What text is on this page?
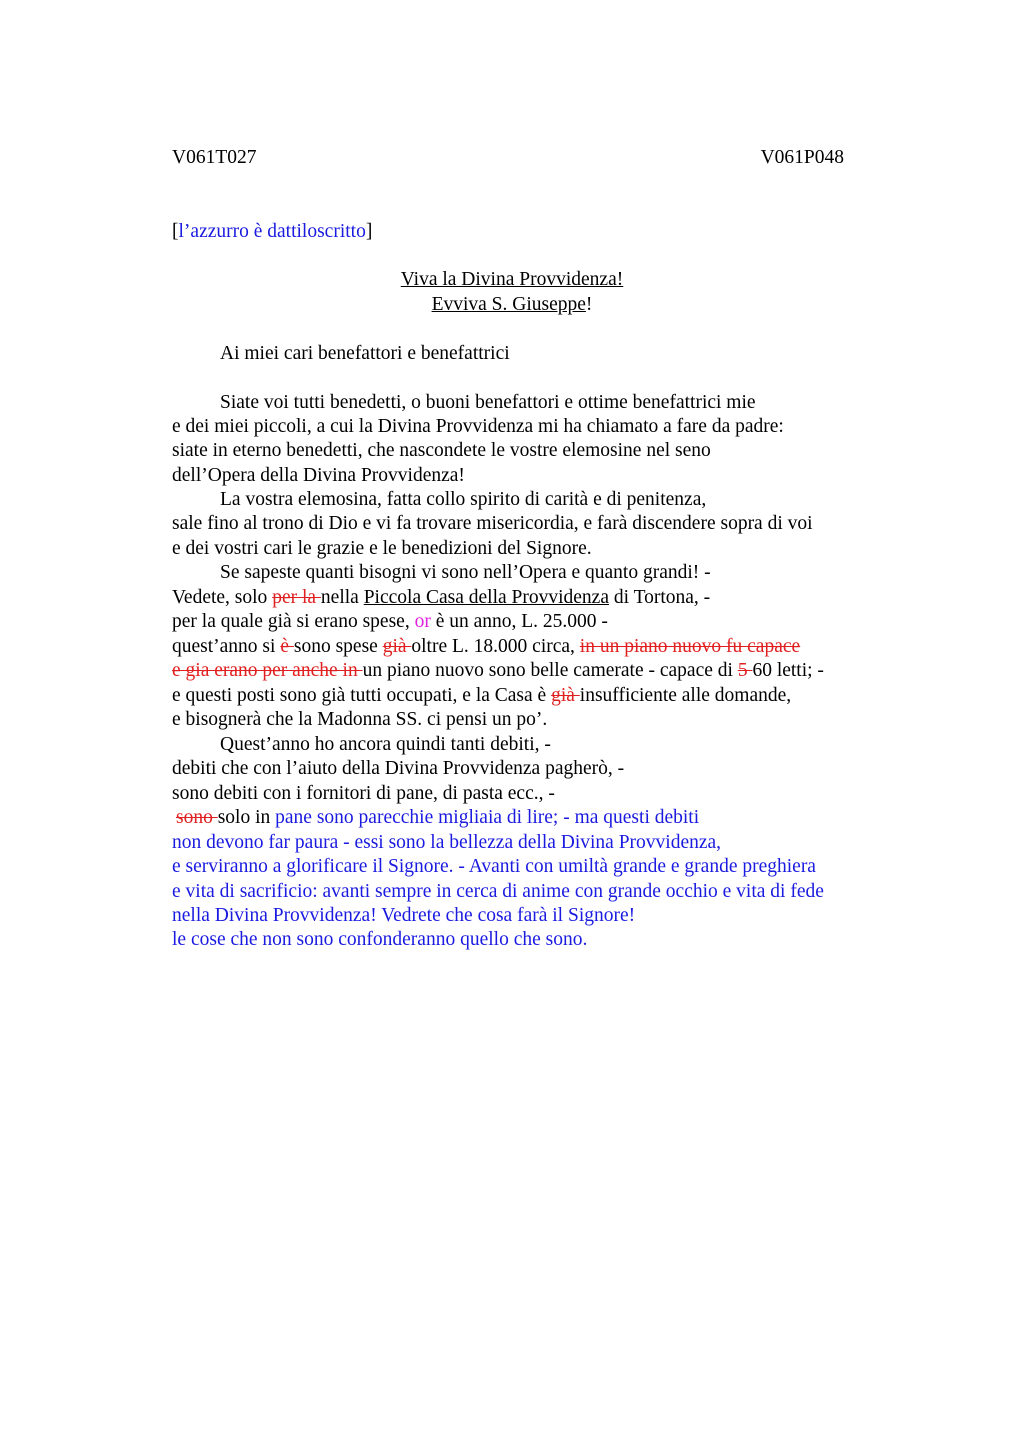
V061T027	V061P048
[l’azzurro è dattiloscritto]
Viva la Divina Provvidenza!
Evviva S. Giuseppe!
Ai miei cari benefattori e benefattrici
Siate voi tutti benedetti, o buoni benefattori e ottime benefattrici mie
e dei miei piccoli, a cui la Divina Provvidenza mi ha chiamato a fare da padre:
siate in eterno benedetti, che nascondete le vostre elemosine nel seno
dell’Opera della Divina Provvidenza!
La vostra elemosina, fatta collo spirito di carità e di penitenza,
sale fino al trono di Dio e vi fa trovare misericordia, e farà discendere sopra di voi
e dei vostri cari le grazie e le benedizioni del Signore.
Se sapeste quanti bisogni vi sono nell’Opera e quanto grandi! -
Vedete, solo per la nella Piccola Casa della Provvidenza di Tortona, -
per la quale già si erano spese, or è un anno, L. 25.000 -
quest’anno si è sono spese già oltre L. 18.000 circa, in un piano nuovo fu capace
e gia erano per anche in un piano nuovo sono belle camerate - capace di 5 60 letti; -
e questi posti sono già tutti occupati, e la Casa è già insufficiente alle domande,
e bisognerà che la Madonna SS. ci pensi un po’.
Quest’anno ho ancora quindi tanti debiti, -
debiti che con l’aiuto della Divina Provvidenza pagherò, -
sono debiti con i fornitori di pane, di pasta ecc., -
sono solo in pane sono parecchie migliaia di lire; - ma questi debiti
non devono far paura - essi sono la bellezza della Divina Provvidenza,
e serviranno a glorificare il Signore. - Avanti con umiltà grande e grande preghiera
e vita di sacrificio: avanti sempre in cerca di anime con grande occhio e vita di fede
nella Divina Provvidenza! Vedrete che cosa farà il Signore!
le cose che non sono confonderanno quello che sono.
